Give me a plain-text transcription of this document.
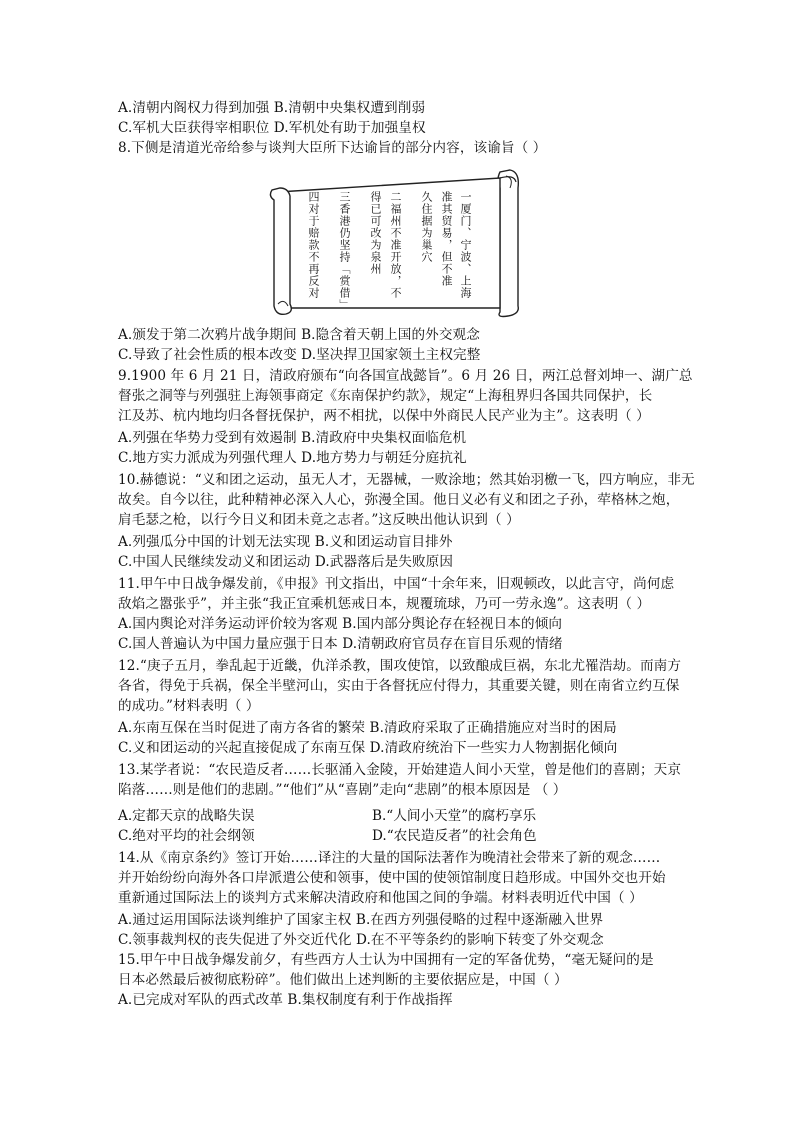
A.清朝内阁权力得到加强 B.清朝中央集权遭到削弱
C.军机大臣获得宰相职位 D.军机处有助于加强皇权
8.下侧是清道光帝给参与谈判大臣所下达谕旨的部分内容，该谕旨（ ）
A.颁发于第二次鸦片战争期间 B.隐含着天朝上国的外交观念
C.导致了社会性质的根本改变 D.坚决捍卫国家领土主权完整
9.1900 年 6 月 21 日，清政府颁布“向各国宣战懿旨”。6 月 26 日，两江总督刘坤一、湖广总
督张之洞等与列强驻上海领事商定《东南保护约款》，规定“上海租界归各国共同保护，长
江及苏、杭内地均归各督抚保护，两不相扰，以保中外商民人民产业为主”。这表明（ ）
A.列强在华势力受到有效遏制 B.清政府中央集权面临危机
C.地方实力派成为列强代理人 D.地方势力与朝廷分庭抗礼
10.赫德说：“义和团之运动，虽无人才，无器械，一败涂地；然其始羽檄一飞，四方响应，非无
故矣。自今以往，此种精神必深入人心，弥漫全国。他日义必有义和团之子孙，荦格林之炮，
肩毛瑟之枪，以行今日义和团未竟之志者。”这反映出他认识到（ ）
A.列强瓜分中国的计划无法实现 B.义和团运动盲目排外
C.中国人民继续发动义和团运动 D.武器落后是失败原因
11.甲午中日战争爆发前，《申报》刊文指出，中国“十余年来，旧观顿改，以此言守，尚何虑
敌焰之嚣张乎”，并主张“我正宜乘机惩戒日本，规覆琉球，乃可一劳永逸”。这表明（ ）
A.国内舆论对洋务运动评价较为客观 B.国内部分舆论存在轻视日本的倾向
C.国人普遍认为中国力量应强于日本 D.清朝政府官员存在盲目乐观的情绪
12.“庚子五月，拳乱起于近畿，仇洋杀教，围攻使馆，以致酿成巨祸，东北尤罹浩劫。而南方
各省，得免于兵祸，保全半壁河山，实由于各督抚应付得力，其重要关键，则在南省立约互保
的成功。”材料表明（ ）
A.东南互保在当时促进了南方各省的繁荣 B.清政府采取了正确措施应对当时的困局
C.义和团运动的兴起直接促成了东南互保 D.清政府统治下一些实力人物割据化倾向
13.某学者说：“农民造反者……长驱涌入金陵，开始建造人间小天堂，曾是他们的喜剧；天京
陷落……则是他们的悲剧。”“他们”从“喜剧”走向“悲剧”的根本原因是 （ ）
14.从《南京条约》签订开始……译注的大量的国际法著作为晚清社会带来了新的观念……
并开始纷纷向海外各口岸派遣公使和领事，使中国的使领馆制度日趋形成。中国外交也开始
重新通过国际法上的谈判方式来解决清政府和他国之间的争端。材料表明近代中国（ ）
A.通过运用国际法谈判维护了国家主权 B.在西方列强侵略的过程中逐渐融入世界
C.领事裁判权的丧失促进了外交近代化 D.在不平等条约的影响下转变了外交观念
15.甲午中日战争爆发前夕，有些西方人士认为中国拥有一定的军备优势，“毫无疑问的是
日本必然最后被彻底粉碎”。他们做出上述判断的主要依据应是，中国（ ）
A.已完成对军队的西式改革 B.集权制度有利于作战指挥
A.定都天京的战略失误	B.“人间小天堂”的腐朽享乐
C.绝对平均的社会纲领	D.“农民造反者”的社会角色
一厦门、宁波、上海
准其贸易，但不准
久住据为巢穴
二福州不准开放，不
得已可改为泉州
三香港仍坚持「赏借」
四对于赔款不再反对
